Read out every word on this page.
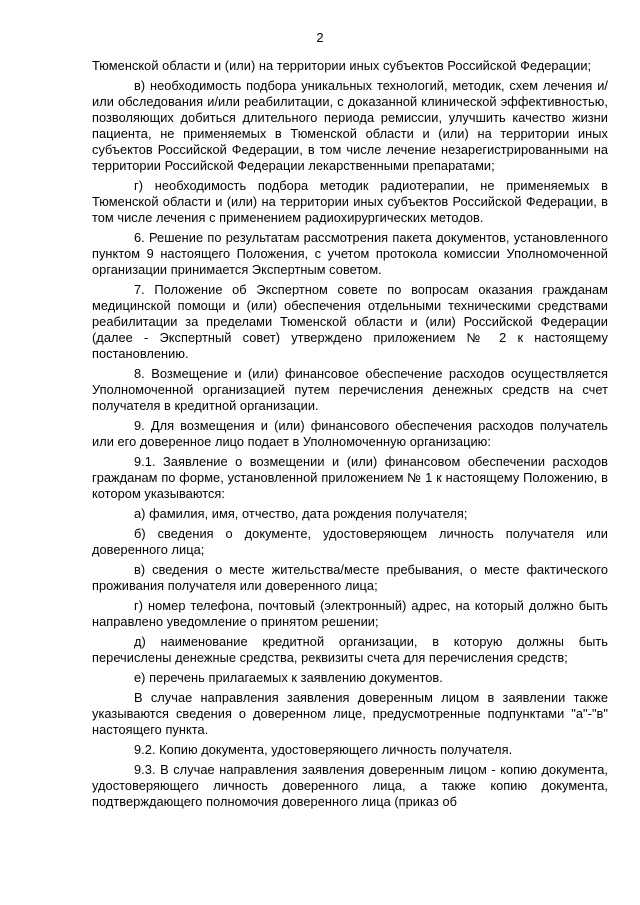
2

Тюменской области и (или) на территории иных субъектов Российской Федерации;

в) необходимость подбора уникальных технологий, методик, схем лечения и/или обследования и/или реабилитации, с доказанной клинической эффективностью, позволяющих добиться длительного периода ремиссии, улучшить качество жизни пациента, не применяемых в Тюменской области и (или) на территории иных субъектов Российской Федерации, в том числе лечение незарегистрированными на территории Российской Федерации лекарственными препаратами;

г) необходимость подбора методик радиотерапии, не применяемых в Тюменской области и (или) на территории иных субъектов Российской Федерации, в том числе лечения с применением радиохирургических методов.

6. Решение по результатам рассмотрения пакета документов, установленного пунктом 9 настоящего Положения, с учетом протокола комиссии Уполномоченной организации принимается Экспертным советом.

7. Положение об Экспертном совете по вопросам оказания гражданам медицинской помощи и (или) обеспечения отдельными техническими средствами реабилитации за пределами Тюменской области и (или) Российской Федерации (далее - Экспертный совет) утверждено приложением № 2 к настоящему постановлению.

8. Возмещение и (или) финансовое обеспечение расходов осуществляется Уполномоченной организацией путем перечисления денежных средств на счет получателя в кредитной организации.

9. Для возмещения и (или) финансового обеспечения расходов получатель или его доверенное лицо подает в Уполномоченную организацию:

9.1. Заявление о возмещении и (или) финансовом обеспечении расходов гражданам по форме, установленной приложением № 1 к настоящему Положению, в котором указываются:

а) фамилия, имя, отчество, дата рождения получателя;

б) сведения о документе, удостоверяющем личность получателя или доверенного лица;

в) сведения о месте жительства/месте пребывания, о месте фактического проживания получателя или доверенного лица;

г) номер телефона, почтовый (электронный) адрес, на который должно быть направлено уведомление о принятом решении;

д) наименование кредитной организации, в которую должны быть перечислены денежные средства, реквизиты счета для перечисления средств;

е) перечень прилагаемых к заявлению документов.

В случае направления заявления доверенным лицом в заявлении также указываются сведения о доверенном лице, предусмотренные подпунктами "а"-"в" настоящего пункта.

9.2. Копию документа, удостоверяющего личность получателя.

9.3. В случае направления заявления доверенным лицом - копию документа, удостоверяющего личность доверенного лица, а также копию документа, подтверждающего полномочия доверенного лица (приказ об
